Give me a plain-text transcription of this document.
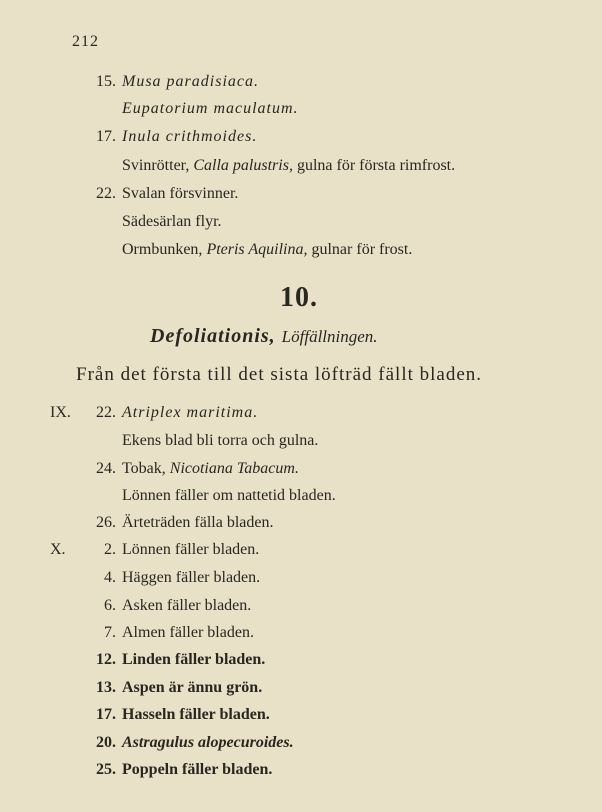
212
15. Musa paradisiaca.
Eupatorium maculatum.
17. Inula crithmoides.
Svinrötter, Calla palustris, gulna för första rimfrost.
22. Svalan försvinner.
Sädesärlan flyr.
Ormbunken, Pteris Aquilina, gulnar för frost.
10.
Defoliationis, Löffällningen.
Från det första till det sista löfträd fällt bladen.
IX.	22. Atriplex maritima.
Ekens blad bli torra och gulna.
24. Tobak, Nicotiana Tabacum.
Lönnen fäller om nattetid bladen.
26. Ärteträden fälla bladen.
X.	2. Lönnen fäller bladen.
4. Häggen fäller bladen.
6. Asken fäller bladen.
7. Almen fäller bladen.
12. Linden fäller bladen.
13. Aspen är ännu grön.
17. Hasseln fäller bladen.
20. Astragulus alopecuroides.
25. Poppeln fäller bladen.
